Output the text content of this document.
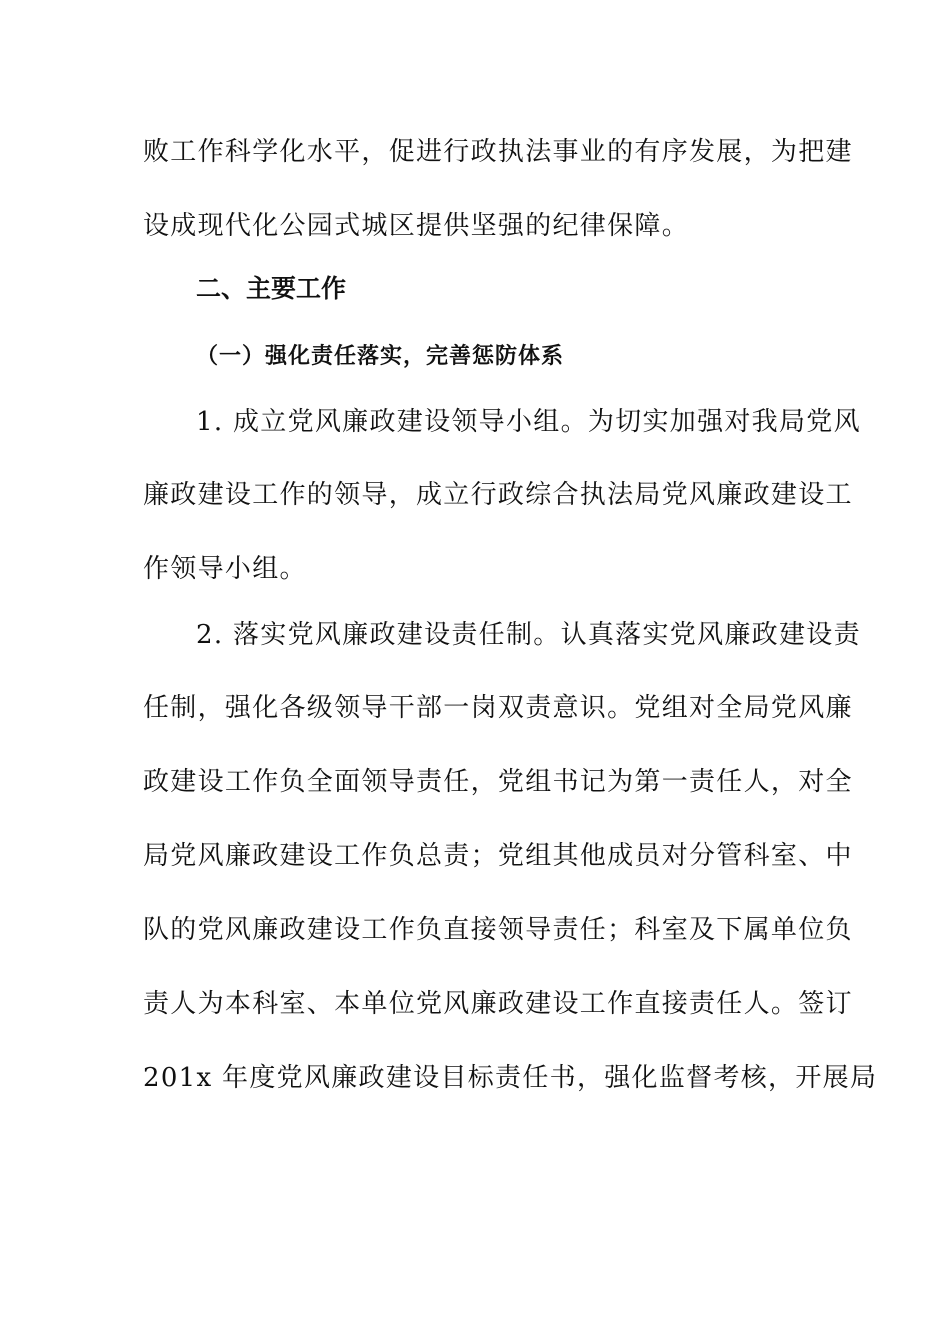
败工作科学化水平，促进行政执法事业的有序发展，为把建
设成现代化公园式城区提供坚强的纪律保障。
二、主要工作
（一）强化责任落实，完善惩防体系
1. 成立党风廉政建设领导小组。为切实加强对我局党风
廉政建设工作的领导，成立行政综合执法局党风廉政建设工
作领导小组。
2. 落实党风廉政建设责任制。认真落实党风廉政建设责
任制，强化各级领导干部一岗双责意识。党组对全局党风廉
政建设工作负全面领导责任，党组书记为第一责任人，对全
局党风廉政建设工作负总责；党组其他成员对分管科室、中
队的党风廉政建设工作负直接领导责任；科室及下属单位负
责人为本科室、本单位党风廉政建设工作直接责任人。签订
201x 年度党风廉政建设目标责任书，强化监督考核，开展局
